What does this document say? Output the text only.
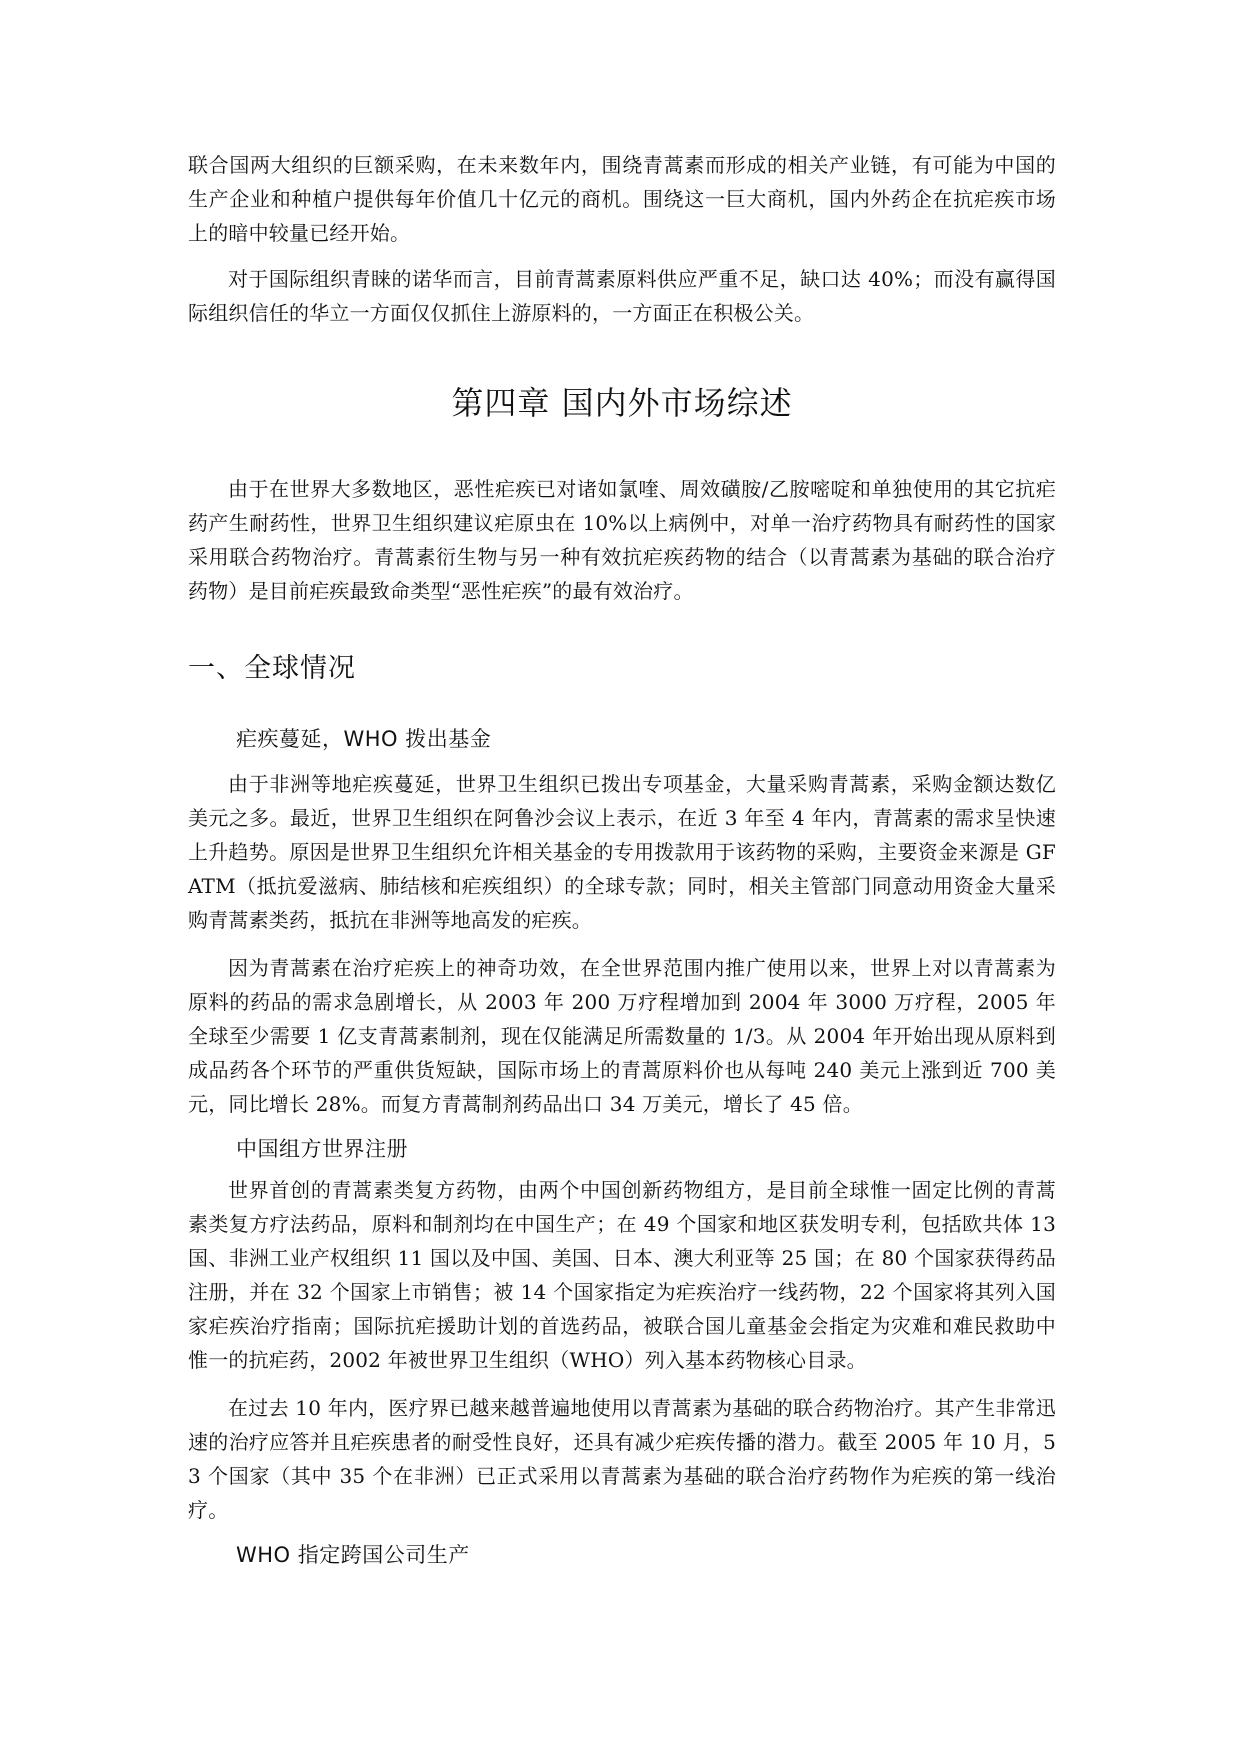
联合国两大组织的巨额采购，在未来数年内，围绕青蒿素而形成的相关产业链，有可能为中国的生产企业和种植户提供每年价值几十亿元的商机。围绕这一巨大商机，国内外药企在抗疟疾市场上的暗中较量已经开始。

对于国际组织青睐的诺华而言，目前青蒿素原料供应严重不足，缺口达 40%；而没有赢得国际组织信任的华立一方面仅仅抓住上游原料的，一方面正在积极公关。

第四章 国内外市场综述

由于在世界大多数地区，恶性疟疾已对诸如氯喹、周效磺胺/乙胺嘧啶和单独使用的其它抗疟药产生耐药性，世界卫生组织建议疟原虫在 10%以上病例中，对单一治疗药物具有耐药性的国家采用联合药物治疗。青蒿素衍生物与另一种有效抗疟疾药物的结合（以青蒿素为基础的联合治疗药物）是目前疟疾最致命类型“恶性疟疾”的最有效治疗。

一、全球情况
疟疾蔓延，WHO 拨出基金

由于非洲等地疟疾蔓延，世界卫生组织已拨出专项基金，大量采购青蒿素，采购金额达数亿美元之多。最近，世界卫生组织在阿鲁沙会议上表示，在近 3 年至 4 年内，青蒿素的需求呈快速上升趋势。原因是世界卫生组织允许相关基金的专用拨款用于该药物的采购，主要资金来源是 GFATM（抵抗爱滋病、肺结核和疟疾组织）的全球专款；同时，相关主管部门同意动用资金大量采购青蒿素类药，抵抗在非洲等地高发的疟疾。

因为青蒿素在治疗疟疾上的神奇功效，在全世界范围内推广使用以来，世界上对以青蒿素为原料的药品的需求急剧增长，从 2003 年 200 万疗程增加到 2004 年 3000 万疗程，2005 年全球至少需要 1 亿支青蒿素制剂，现在仅能满足所需数量的 1/3。从 2004 年开始出现从原料到成品药各个环节的严重供货短缺，国际市场上的青蒿原料价也从每吨 240 美元上涨到近 700 美元，同比增长 28%。而复方青蒿制剂药品出口 34 万美元，增长了 45 倍。

中国组方世界注册

世界首创的青蒿素类复方药物，由两个中国创新药物组方，是目前全球惟一固定比例的青蒿素类复方疗法药品，原料和制剂均在中国生产；在 49 个国家和地区获发明专利，包括欧共体 13 国、非洲工业产权组织 11 国以及中国、美国、日本、澳大利亚等 25 国；在 80 个国家获得药品注册，并在 32 个国家上市销售；被 14 个国家指定为疟疾治疗一线药物，22 个国家将其列入国家疟疾治疗指南；国际抗疟援助计划的首选药品，被联合国儿童基金会指定为灾难和难民救助中惟一的抗疟药，2002 年被世界卫生组织（WHO）列入基本药物核心目录。

在过去 10 年内，医疗界已越来越普遍地使用以青蒿素为基础的联合药物治疗。其产生非常迅速的治疗应答并且疟疾患者的耐受性良好，还具有减少疟疾传播的潜力。截至 2005 年 10 月，53 个国家（其中 35 个在非洲）已正式采用以青蒿素为基础的联合治疗药物作为疟疾的第一线治疗。

WHO 指定跨国公司生产
